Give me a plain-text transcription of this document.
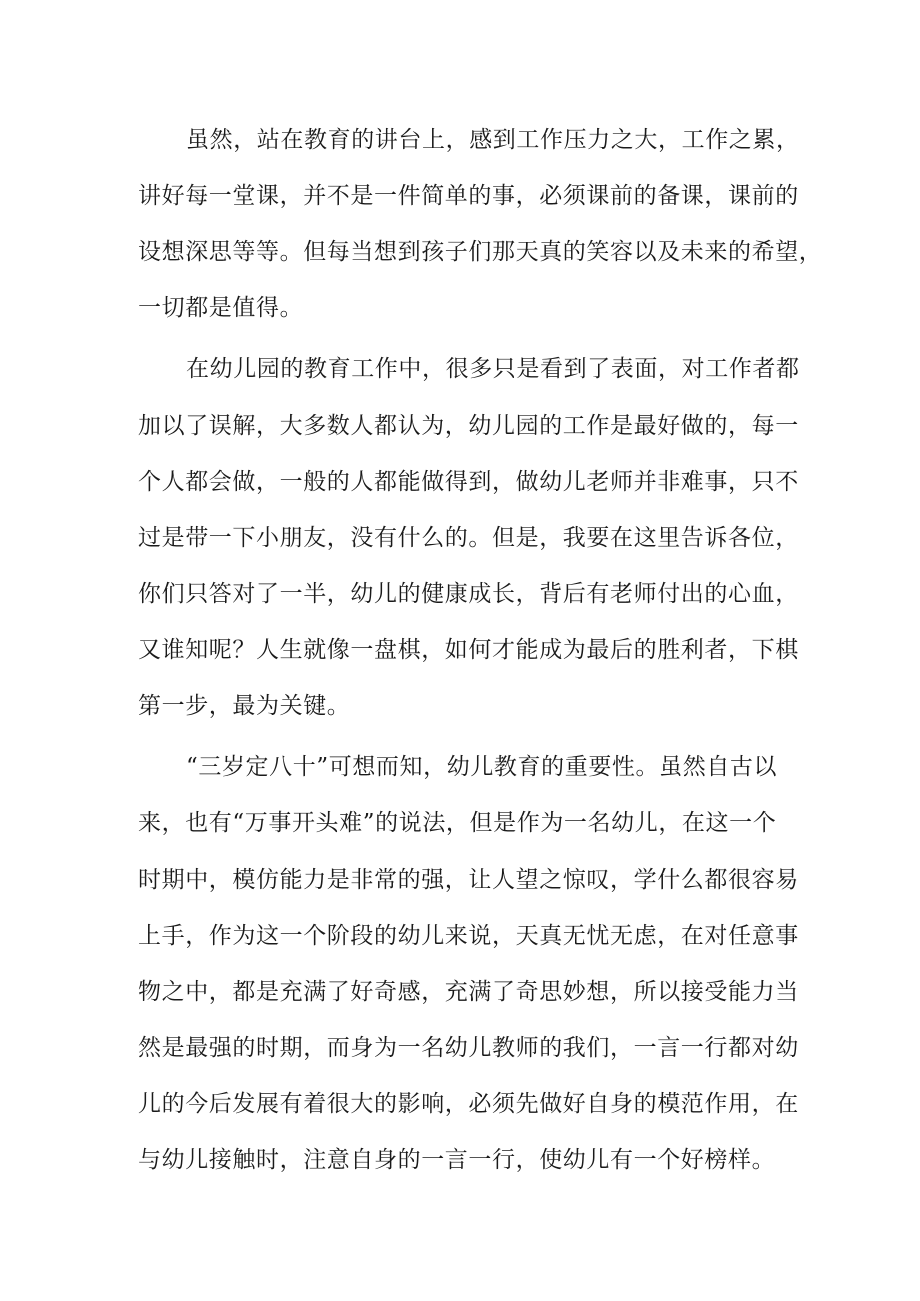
虽然，站在教育的讲台上，感到工作压力之大，工作之累，

讲好每一堂课，并不是一件简单的事，必须课前的备课，课前的

设想深思等等。但每当想到孩子们那天真的笑容以及未来的希望，

一切都是值得。

在幼儿园的教育工作中，很多只是看到了表面，对工作者都

加以了误解，大多数人都认为，幼儿园的工作是最好做的，每一

个人都会做，一般的人都能做得到，做幼儿老师并非难事，只不

过是带一下小朋友，没有什么的。但是，我要在这里告诉各位，

你们只答对了一半，幼儿的健康成长，背后有老师付出的心血，

又谁知呢？人生就像一盘棋，如何才能成为最后的胜利者，下棋

第一步，最为关键。

“三岁定八十”可想而知，幼儿教育的重要性。虽然自古以

来，也有“万事开头难”的说法，但是作为一名幼儿，在这一个

时期中，模仿能力是非常的强，让人望之惊叹，学什么都很容易

上手，作为这一个阶段的幼儿来说，天真无忧无虑，在对任意事

物之中，都是充满了好奇感，充满了奇思妙想，所以接受能力当

然是最强的时期，而身为一名幼儿教师的我们，一言一行都对幼

儿的今后发展有着很大的影响，必须先做好自身的模范作用，在

与幼儿接触时，注意自身的一言一行，使幼儿有一个好榜样。
